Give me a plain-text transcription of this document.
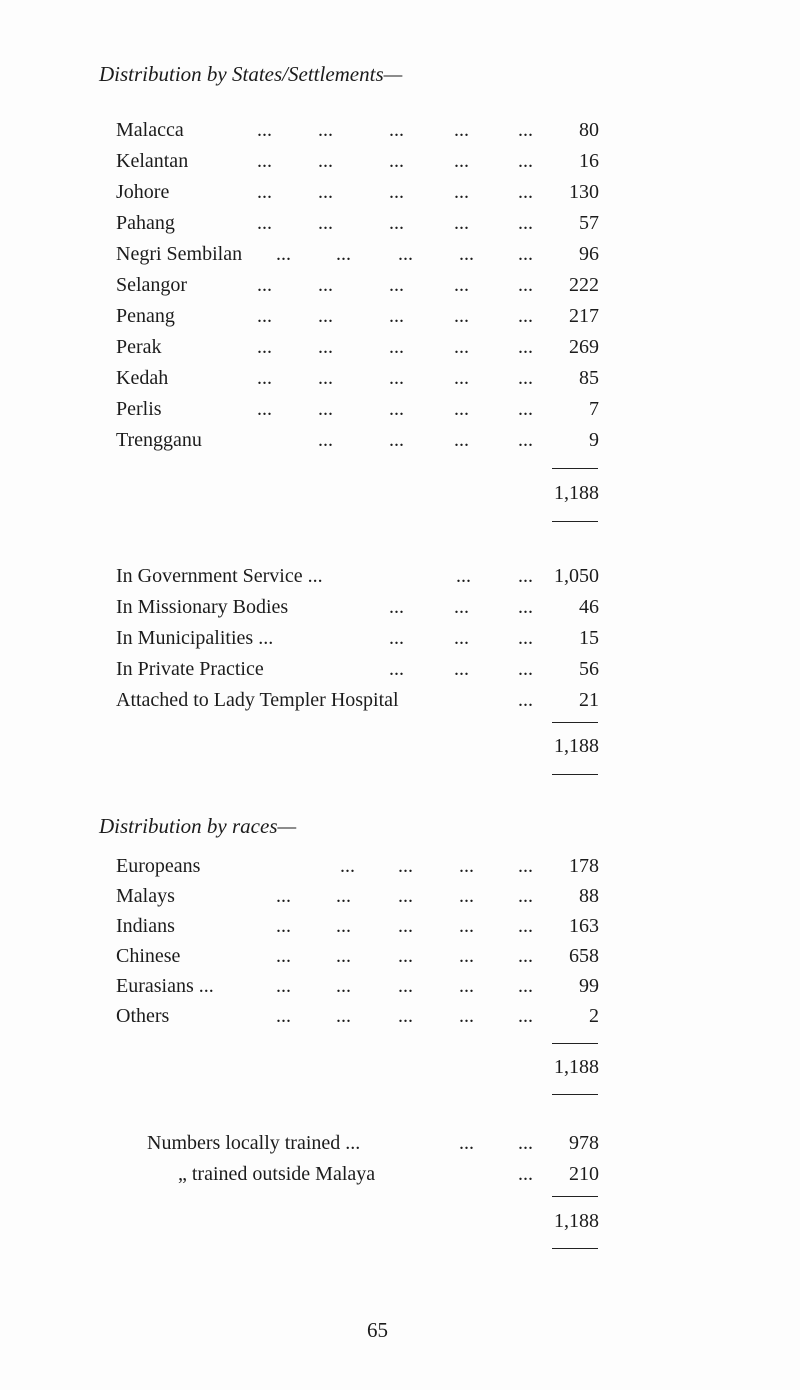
Distribution by States/Settlements—
Malacca	... ...	...	... ... 80
Kelantan	... ...	...	... ... 16
Johore	... ...	...	... ... 130
Pahang	... ...	...	... ... 57
Negri Sembilan ... ... ... ... ... 96
Selangor	... ...	...	... ... 222
Penang	... ...	...	... ... 217
Perak	... ...	...	... ... 269
Kedah	... ...	...	... ... 85
Perlis	... ...	...	... ...	7
Trengganu	...	...	... ...	9
1,188
In Government Service ...	... ... 1,050
In Missionary Bodies	...	... ... 46
In Municipalities ...	...	... ... 15
In Private Practice	...	... ... 56
Attached to Lady Templer Hospital	... 21
1,188
Distribution by races—
Europeans	... ... ... ... 178
Malays	... ... ... ... ... 88
Indians	... ... ... ... ... 163
Chinese	... ... ... ... ... 658
Eurasians ...	... ... ... ... ... 99
Others	... ... ... ... ...	2
1,188
Numbers locally trained ...	... ... 978
„ trained outside Malaya	... 210
1,188
65
